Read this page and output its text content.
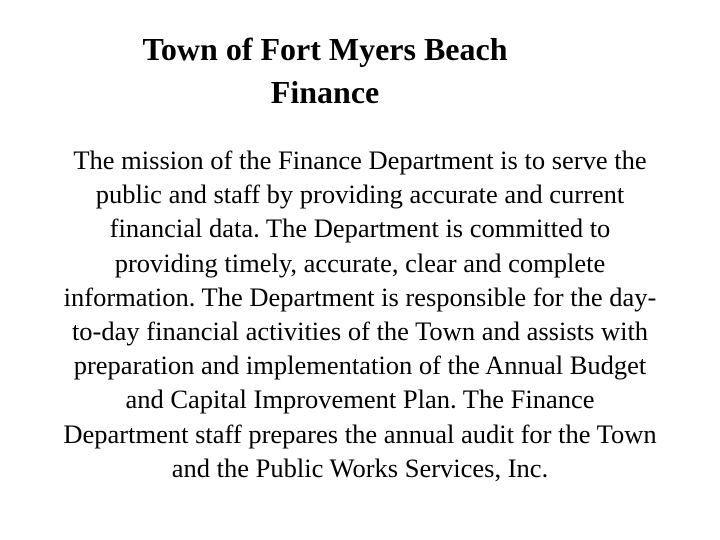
Town of Fort Myers Beach
Finance
The mission of the Finance Department is to serve the
public and staff by providing accurate and current
financial data. The Department is committed to
providing timely, accurate, clear and complete
information. The Department is responsible for the day-
to-day financial activities of the Town and assists with
preparation and implementation of the Annual Budget
and Capital Improvement Plan. The Finance
Department staff prepares the annual audit for the Town
and the Public Works Services, Inc.
